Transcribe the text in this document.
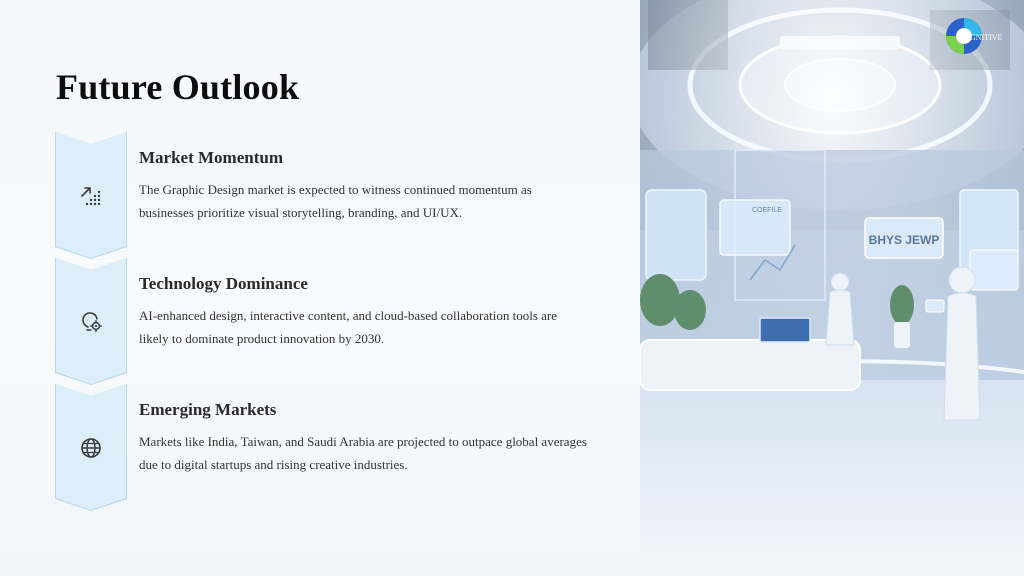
Future Outlook
Market Momentum

The Graphic Design market is expected to witness continued momentum as businesses prioritize visual storytelling, branding, and UI/UX.

Technology Dominance

AI-enhanced design, interactive content, and cloud-based collaboration tools are likely to dominate product innovation by 2030.

Emerging Markets

Markets like India, Taiwan, and Saudi Arabia are projected to outpace global averages due to digital startups and rising creative industries.

BHYS JEWP
COEFILE
GNITIVE
